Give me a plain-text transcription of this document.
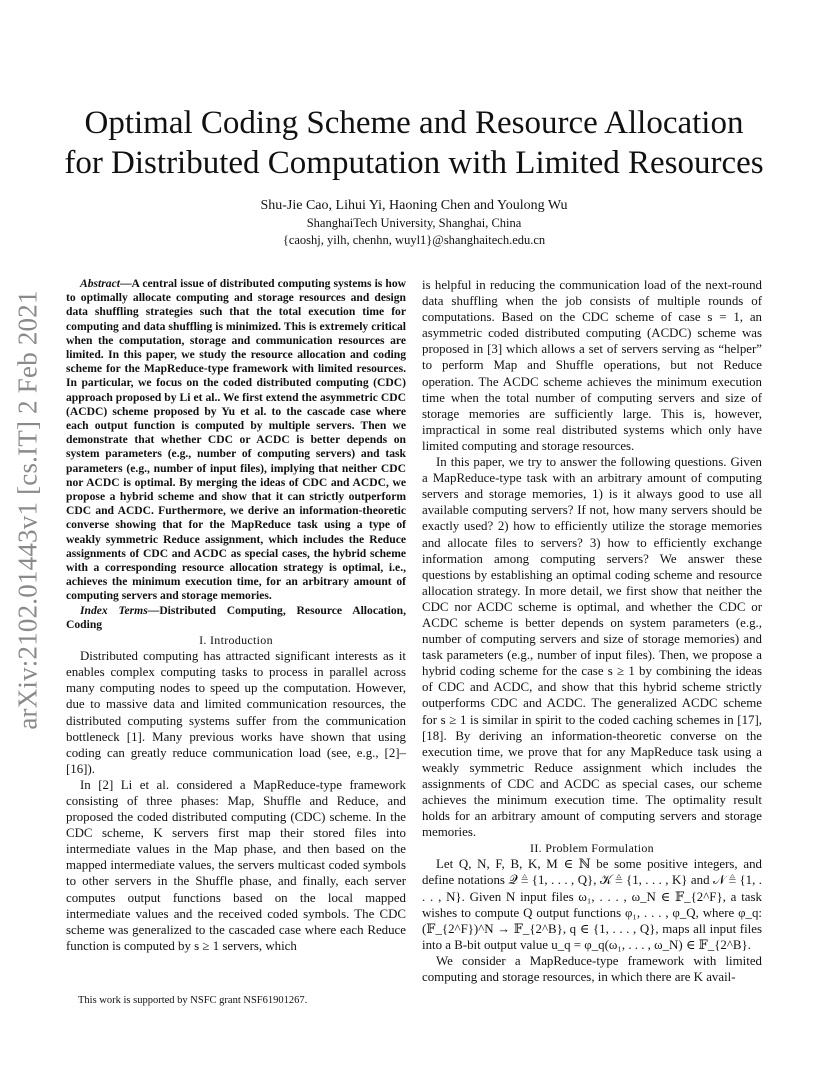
arXiv:2102.01443v1 [cs.IT] 2 Feb 2021
Optimal Coding Scheme and Resource Allocation
for Distributed Computation with Limited Resources
Shu-Jie Cao, Lihui Yi, Haoning Chen and Youlong Wu
ShanghaiTech University, Shanghai, China
{caoshj, yilh, chenhn, wuyl1}@shanghaitech.edu.cn

Abstract—A central issue of distributed computing systems is how to optimally allocate computing and storage resources and design data shuffling strategies such that the total execution time for computing and data shuffling is minimized. This is extremely critical when the computation, storage and communication resources are limited. In this paper, we study the resource allocation and coding scheme for the MapReduce-type framework with limited resources. In particular, we focus on the coded distributed computing (CDC) approach proposed by Li et al.. We first extend the asymmetric CDC (ACDC) scheme proposed by Yu et al. to the cascade case where each output function is computed by multiple servers. Then we demonstrate that whether CDC or ACDC is better depends on system parameters (e.g., number of computing servers) and task parameters (e.g., number of input files), implying that neither CDC nor ACDC is optimal. By merging the ideas of CDC and ACDC, we propose a hybrid scheme and show that it can strictly outperform CDC and ACDC. Furthermore, we derive an information-theoretic converse showing that for the MapReduce task using a type of weakly symmetric Reduce assignment, which includes the Reduce assignments of CDC and ACDC as special cases, the hybrid scheme with a corresponding resource allocation strategy is optimal, i.e., achieves the minimum execution time, for an arbitrary amount of computing servers and storage memories.

Index Terms—Distributed Computing, Resource Allocation, Coding

I. Introduction

Distributed computing has attracted significant interests as it enables complex computing tasks to process in parallel across many computing nodes to speed up the computation. However, due to massive data and limited communication resources, the distributed computing systems suffer from the communication bottleneck [1]. Many previous works have shown that using coding can greatly reduce communication load (see, e.g., [2]–[16]).

In [2] Li et al. considered a MapReduce-type framework consisting of three phases: Map, Shuffle and Reduce, and proposed the coded distributed computing (CDC) scheme. In the CDC scheme, K servers first map their stored files into intermediate values in the Map phase, and then based on the mapped intermediate values, the servers multicast coded symbols to other servers in the Shuffle phase, and finally, each server computes output functions based on the local mapped intermediate values and the received coded symbols. The CDC scheme was generalized to the cascaded case where each Reduce function is computed by s ≥ 1 servers, which

is helpful in reducing the communication load of the next-round data shuffling when the job consists of multiple rounds of computations. Based on the CDC scheme of case s = 1, an asymmetric coded distributed computing (ACDC) scheme was proposed in [3] which allows a set of servers serving as “helper” to perform Map and Shuffle operations, but not Reduce operation. The ACDC scheme achieves the minimum execution time when the total number of computing servers and size of storage memories are sufficiently large. This is, however, impractical in some real distributed systems which only have limited computing and storage resources.

In this paper, we try to answer the following questions. Given a MapReduce-type task with an arbitrary amount of computing servers and storage memories, 1) is it always good to use all available computing servers? If not, how many servers should be exactly used? 2) how to efficiently utilize the storage memories and allocate files to servers? 3) how to efficiently exchange information among computing servers? We answer these questions by establishing an optimal coding scheme and resource allocation strategy. In more detail, we first show that neither the CDC nor ACDC scheme is optimal, and whether the CDC or ACDC scheme is better depends on system parameters (e.g., number of computing servers and size of storage memories) and task parameters (e.g., number of input files). Then, we propose a hybrid coding scheme for the case s ≥ 1 by combining the ideas of CDC and ACDC, and show that this hybrid scheme strictly outperforms CDC and ACDC. The generalized ACDC scheme for s ≥ 1 is similar in spirit to the coded caching schemes in [17], [18]. By deriving an information-theoretic converse on the execution time, we prove that for any MapReduce task using a weakly symmetric Reduce assignment which includes the assignments of CDC and ACDC as special cases, our scheme achieves the minimum execution time. The optimality result holds for an arbitrary amount of computing servers and storage memories.

II. Problem Formulation

Let Q, N, F, B, K, M ∈ ℕ be some positive integers, and define notations 𝒬 ≜ {1, . . . , Q}, 𝒦 ≜ {1, . . . , K} and 𝒩 ≜ {1, . . . , N}. Given N input files ω₁, . . . , ω_N ∈ 𝔽_{2^F}, a task wishes to compute Q output functions φ₁, . . . , φ_Q, where φ_q: (𝔽_{2^F})^N → 𝔽_{2^B}, q ∈ {1, . . . , Q}, maps all input files into a B-bit output value u_q = φ_q(ω₁, . . . , ω_N) ∈ 𝔽_{2^B}.

We consider a MapReduce-type framework with limited computing and storage resources, in which there are K avail-

This work is supported by NSFC grant NSF61901267.
